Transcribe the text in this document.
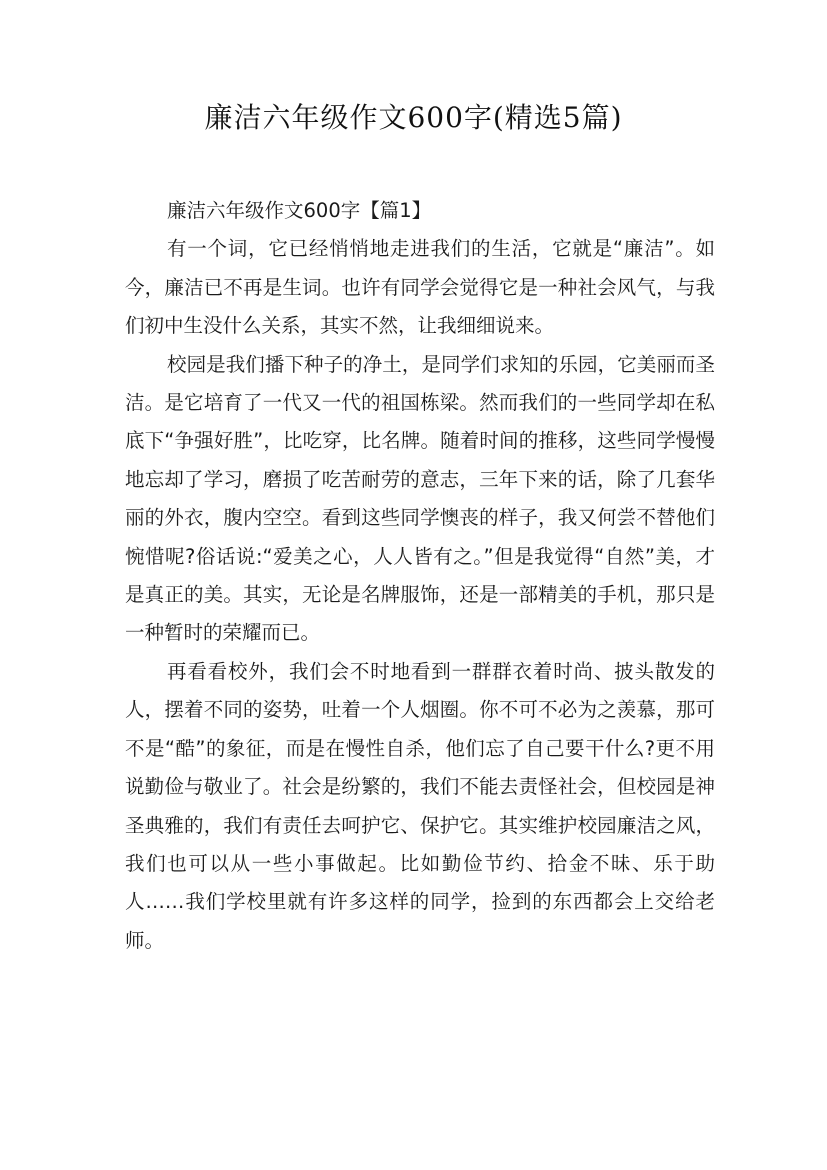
廉洁六年级作文600字(精选5篇)

廉洁六年级作文600字【篇1】

有一个词，它已经悄悄地走进我们的生活，它就是“廉洁”。如今，廉洁已不再是生词。也许有同学会觉得它是一种社会风气，与我们初中生没什么关系，其实不然，让我细细说来。

校园是我们播下种子的净土，是同学们求知的乐园，它美丽而圣洁。是它培育了一代又一代的祖国栋梁。然而我们的一些同学却在私底下“争强好胜”，比吃穿，比名牌。随着时间的推移，这些同学慢慢地忘却了学习，磨损了吃苦耐劳的意志，三年下来的话，除了几套华丽的外衣，腹内空空。看到这些同学懊丧的样子，我又何尝不替他们惋惜呢?俗话说:“爱美之心，人人皆有之。”但是我觉得“自然”美，才是真正的美。其实，无论是名牌服饰，还是一部精美的手机，那只是一种暂时的荣耀而已。

再看看校外，我们会不时地看到一群群衣着时尚、披头散发的人，摆着不同的姿势，吐着一个人烟圈。你不可不必为之羡慕，那可不是“酷”的象征，而是在慢性自杀，他们忘了自己要干什么?更不用说勤俭与敬业了。社会是纷繁的，我们不能去责怪社会，但校园是神圣典雅的，我们有责任去呵护它、保护它。其实维护校园廉洁之风，我们也可以从一些小事做起。比如勤俭节约、拾金不昧、乐于助人……我们学校里就有许多这样的同学，捡到的东西都会上交给老师。
